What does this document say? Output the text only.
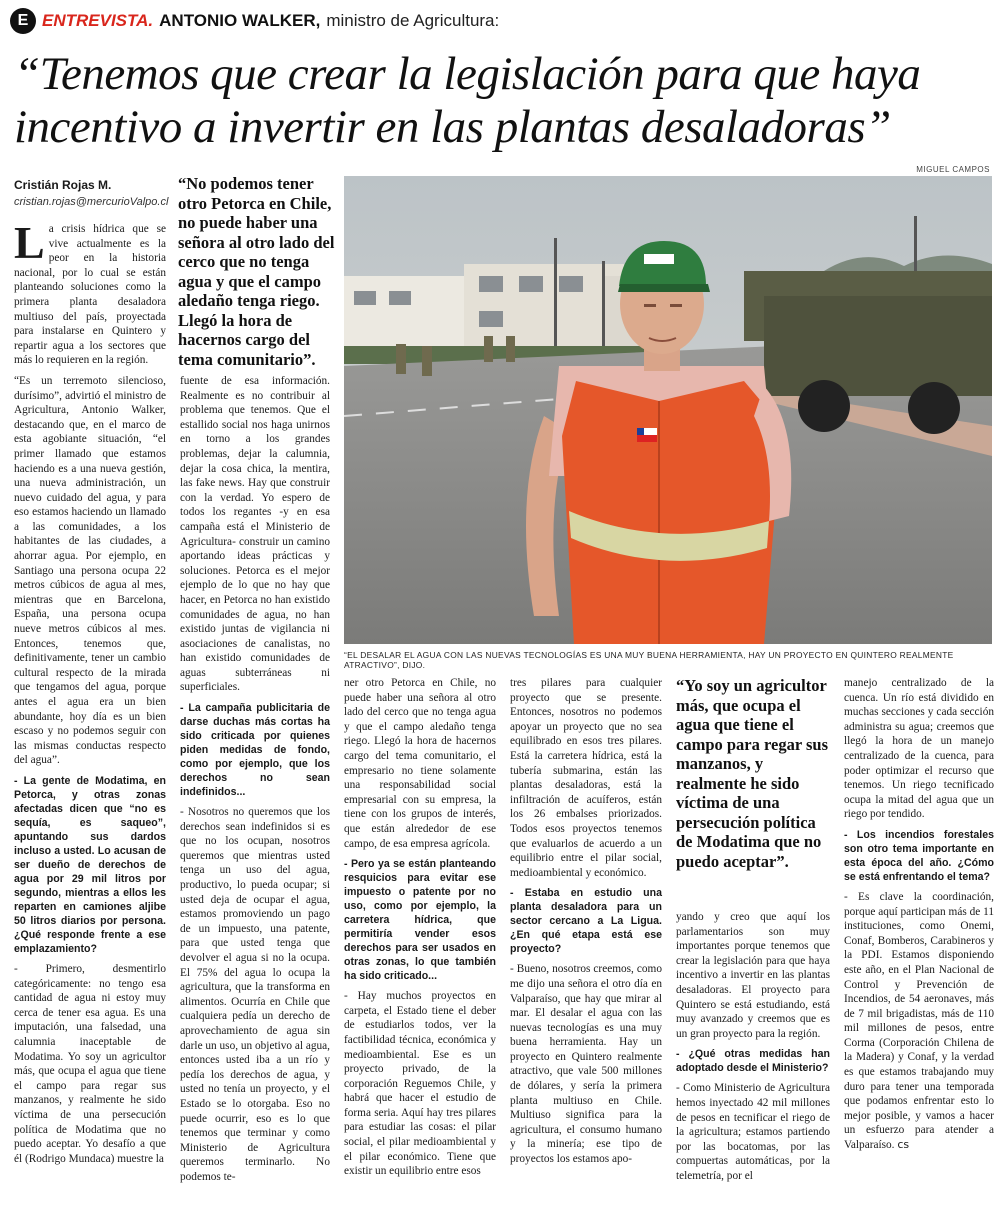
E ENTREVISTA. ANTONIO WALKER, ministro de Agricultura:
“Tenemos que crear la legislación para que haya incentivo a invertir en las plantas desaladoras”
Cristián Rojas M.
cristian.rojas@mercurioValpo.cl
MIGUEL CAMPOS
“No podemos tener otro Petorca en Chile, no puede haber una señora al otro lado del cerco que no tenga agua y que el campo aledaño tenga riego. Llegó la hora de hacernos cargo del tema comunitario”.
“EL DESALAR EL AGUA CON LAS NUEVAS TECNOLOGÍAS ES UNA MUY BUENA HERRAMIENTA, HAY UN PROYECTO EN QUINTERO REALMENTE ATRACTIVO”, DIJO.

La crisis hídrica que se vive actualmente es la peor en la historia nacional, por lo cual se están planteando soluciones como la primera planta desaladora multiuso del país, proyectada para instalarse en Quintero y repartir agua a los sectores que más lo requieren en la región.

“Es un terremoto silencioso, durísimo”, advirtió el ministro de Agricultura, Antonio Walker, destacando que, en el marco de esta agobiante situación, “el primer llamado que estamos haciendo es a una nueva gestión, una nueva administración, un nuevo cuidado del agua, y para eso estamos haciendo un llamado a las comunidades, a los habitantes de las ciudades, a ahorrar agua. Por ejemplo, en Santiago una persona ocupa 22 metros cúbicos de agua al mes, mientras que en Barcelona, España, una persona ocupa nueve metros cúbicos al mes. Entonces, tenemos que, definitivamente, tener un cambio cultural respecto de la mirada que tengamos del agua, porque antes el agua era un bien abundante, hoy día es un bien escaso y no podemos seguir con las mismas conductas respecto del agua”.

- La gente de Modatima, en Petorca, y otras zonas afectadas dicen que “no es sequía, es saqueo”, apuntando sus dardos incluso a usted. Lo acusan de ser dueño de derechos de agua por 29 mil litros por segundo, mientras a ellos les reparten en camiones aljibe 50 litros diarios por persona. ¿Qué responde frente a ese emplazamiento?

- Primero, desmentirlo categóricamente: no tengo esa cantidad de agua ni estoy muy cerca de tener esa agua. Es una imputación, una falsedad, una calumnia inaceptable de Modatima. Yo soy un agricultor más, que ocupa el agua que tiene el campo para regar sus manzanos, y realmente he sido víctima de una persecución política de Modatima que no puedo aceptar. Yo desafío a que él (Rodrigo Mundaca) muestre la

fuente de esa información. Realmente es no contribuir al problema que tenemos. Que el estallido social nos haga unirnos en torno a los grandes problemas, dejar la calumnia, dejar la cosa chica, la mentira, las fake news. Hay que construir con la verdad. Yo espero de todos los regantes -y en esa campaña está el Ministerio de Agricultura- construir un camino aportando ideas prácticas y soluciones. Petorca es el mejor ejemplo de lo que no hay que hacer, en Petorca no han existido comunidades de agua, no han existido juntas de vigilancia ni asociaciones de canalistas, no han existido comunidades de aguas subterráneas ni superficiales.

- La campaña publicitaria de darse duchas más cortas ha sido criticada por quienes piden medidas de fondo, como por ejemplo, que los derechos no sean indefinidos...

- Nosotros no queremos que los derechos sean indefinidos si es que no los ocupan, nosotros queremos que mientras usted tenga un uso del agua, productivo, lo pueda ocupar; si usted deja de ocupar el agua, estamos promoviendo un pago de un impuesto, una patente, para que usted tenga que devolver el agua si no la ocupa. El 75% del agua lo ocupa la agricultura, que la transforma en alimentos. Ocurría en Chile que cualquiera pedía un derecho de aprovechamiento de agua sin darle un uso, un objetivo al agua, entonces usted iba a un río y pedía los derechos de agua, y usted no tenía un proyecto, y el Estado se lo otorgaba. Eso no puede ocurrir, eso es lo que tenemos que terminar y como Ministerio de Agricultura queremos terminarlo. No podemos te-

ner otro Petorca en Chile, no puede haber una señora al otro lado del cerco que no tenga agua y que el campo aledaño tenga riego. Llegó la hora de hacernos cargo del tema comunitario, el empresario no tiene solamente una responsabilidad social empresarial con su empresa, la tiene con los grupos de interés, que están alrededor de ese campo, de esa empresa agrícola.

- Pero ya se están planteando resquicios para evitar ese impuesto o patente por no uso, como por ejemplo, la carretera hídrica, que permitiría vender esos derechos para ser usados en otras zonas, lo que también ha sido criticado...

- Hay muchos proyectos en carpeta, el Estado tiene el deber de estudiarlos todos, ver la factibilidad técnica, económica y medioambiental. Ese es un proyecto privado, de la corporación Reguemos Chile, y habrá que hacer el estudio de forma seria. Aquí hay tres pilares para estudiar las cosas: el pilar social, el pilar medioambiental y el pilar económico. Tiene que existir un equilibrio entre esos

tres pilares para cualquier proyecto que se presente. Entonces, nosotros no podemos apoyar un proyecto que no sea equilibrado en esos tres pilares. Está la carretera hídrica, está la tubería submarina, están las plantas desaladoras, está la infiltración de acuíferos, están los 26 embalses priorizados. Todos esos proyectos tenemos que evaluarlos de acuerdo a un equilibrio entre el pilar social, medioambiental y económico.

- Estaba en estudio una planta desaladora para un sector cercano a La Ligua. ¿En qué etapa está ese proyecto?

- Bueno, nosotros creemos, como me dijo una señora el otro día en Valparaíso, que hay que mirar al mar. El desalar el agua con las nuevas tecnologías es una muy buena herramienta. Hay un proyecto en Quintero realmente atractivo, que vale 500 millones de dólares, y sería la primera planta multiuso en Chile. Multiuso significa para la agricultura, el consumo humano y la minería; ese tipo de proyectos los estamos apo-

“Yo soy un agricultor más, que ocupa el agua que tiene el campo para regar sus manzanos, y realmente he sido víctima de una persecución política de Modatima que no puedo aceptar”.

yando y creo que aquí los parlamentarios son muy importantes porque tenemos que crear la legislación para que haya incentivo a invertir en las plantas desaladoras. El proyecto para Quintero se está estudiando, está muy avanzado y creemos que es un gran proyecto para la región.

- ¿Qué otras medidas han adoptado desde el Ministerio?

- Como Ministerio de Agricultura hemos inyectado 42 mil millones de pesos en tecnificar el riego de la agricultura; estamos partiendo por las bocatomas, por las compuertas automáticas, por la telemetría, por el

manejo centralizado de la cuenca. Un río está dividido en muchas secciones y cada sección administra su agua; creemos que llegó la hora de un manejo centralizado de la cuenca, para poder optimizar el recurso que tenemos. Un riego tecnificado ocupa la mitad del agua que un riego por tendido.

- Los incendios forestales son otro tema importante en esta época del año. ¿Cómo se está enfrentando el tema?

- Es clave la coordinación, porque aquí participan más de 11 instituciones, como Onemi, Conaf, Bomberos, Carabineros y la PDI. Estamos disponiendo este año, en el Plan Nacional de Control y Prevención de Incendios, de 54 aeronaves, más de 7 mil brigadistas, más de 110 mil millones de pesos, entre Corma (Corporación Chilena de la Madera) y Conaf, y la verdad es que estamos trabajando muy duro para tener una temporada que podamos enfrentar esto lo mejor posible, y vamos a hacer un esfuerzo para atender a Valparaíso. cs
